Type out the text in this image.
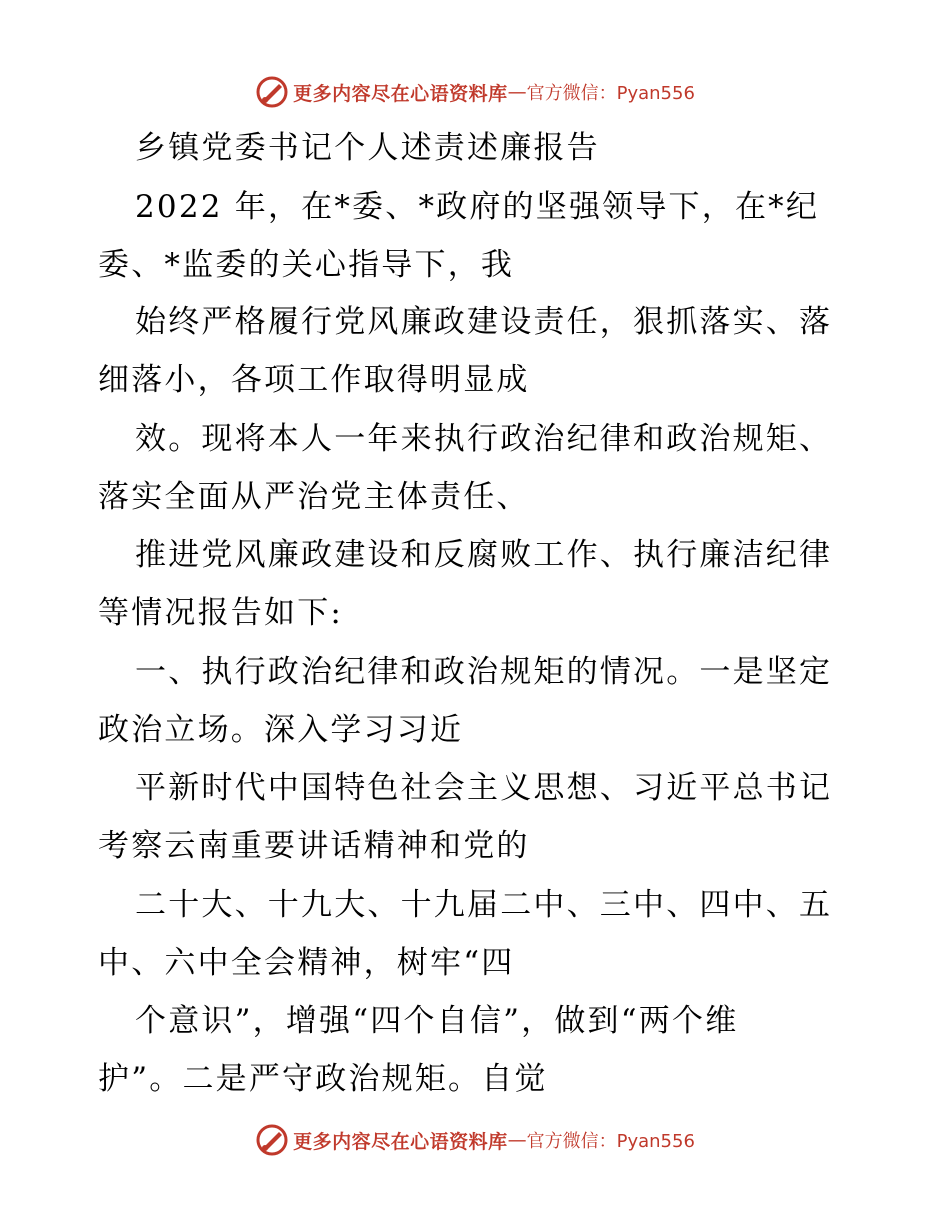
更多内容尽在心语资料库 — 官方微信：Pyan556
乡镇党委书记个人述责述廉报告
2022 年，在*委、*政府的坚强领导下，在*纪
委、*监委的关心指导下，我
始终严格履行党风廉政建设责任，狠抓落实、落
细落小，各项工作取得明显成
效。现将本人一年来执行政治纪律和政治规矩、
落实全面从严治党主体责任、
推进党风廉政建设和反腐败工作、执行廉洁纪律
等情况报告如下:
一、执行政治纪律和政治规矩的情况。一是坚定
政治立场。深入学习习近
平新时代中国特色社会主义思想、习近平总书记
考察云南重要讲话精神和党的
二十大、十九大、十九届二中、三中、四中、五
中、六中全会精神，树牢“四
个意识”，增强“四个自信”，做到“两个维
护”。二是严守政治规矩。自觉
更多内容尽在心语资料库 — 官方微信：Pyan556
